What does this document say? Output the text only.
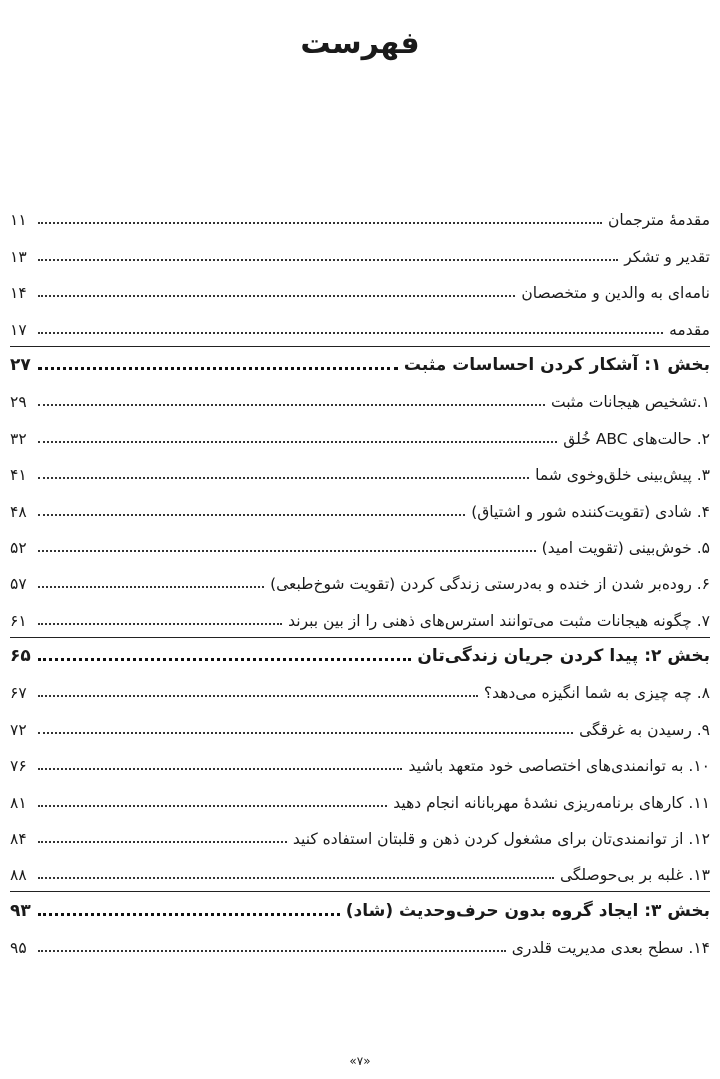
فهرست
مقدمۀ مترجمان
۱۱
تقدیر و تشکر
۱۳
نامه‌ای به والدین و متخصصان
۱۴
مقدمه
۱۷
بخش ۱: آشکار کردن احساسات مثبت
۲۷
۱.تشخیص هیجانات مثبت
۲۹
۲. حالت‌های ABC خُلق
۳۲
۳. پیش‌بینی خلق‌وخوی شما
۴۱
۴. شادی (تقویت‌کننده شور و اشتیاق)
۴۸
۵. خوش‌بینی (تقویت امید)
۵۲
۶. روده‌بر شدن از خنده و به‌درستی زندگی کردن (تقویت شوخ‌طبعی)
۵۷
۷. چگونه هیجانات مثبت می‌توانند استرس‌های ذهنی را از بین ببرند
۶۱
بخش ۲: پیدا کردن جریان زندگی‌تان
۶۵
۸. چه چیزی به شما انگیزه می‌دهد؟
۶۷
۹. رسیدن به غرقگی
۷۲
۱۰. به توانمندی‌های اختصاصی خود متعهد باشید
۷۶
۱۱. کارهای برنامه‌ریزی نشدۀ مهربانانه انجام دهید
۸۱
۱۲. از توانمندی‌تان برای مشغول کردن ذهن و قلبتان استفاده کنید
۸۴
۱۳. غلبه بر بی‌حوصلگی
۸۸
بخش ۳: ایجاد گروه بدون حرف‌وحدیث (شاد)
۹۳
۱۴. سطح بعدی مدیریت قلدری
۹۵
«۷»
